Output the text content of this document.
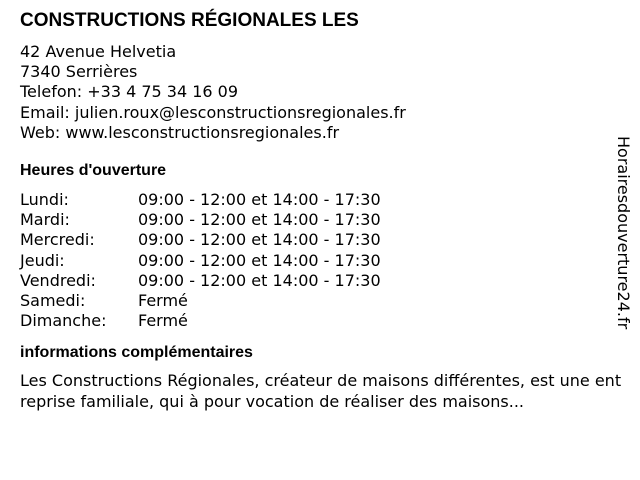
CONSTRUCTIONS RÉGIONALES LES
42 Avenue Helvetia
7340 Serrières
Telefon: +33 4 75 34 16 09
Email: julien.roux@lesconstructionsregionales.fr
Web: www.lesconstructionsregionales.fr
Heures d'ouverture
Lundi:	09:00 - 12:00 et 14:00 - 17:30
Mardi:	09:00 - 12:00 et 14:00 - 17:30
Mercredi:	09:00 - 12:00 et 14:00 - 17:30
Jeudi:	09:00 - 12:00 et 14:00 - 17:30
Vendredi:	09:00 - 12:00 et 14:00 - 17:30
Samedi:	Fermé
Dimanche:	Fermé
informations complémentaires
Les Constructions Régionales, créateur de maisons différentes, est une entreprise familiale, qui à pour vocation de réaliser des maisons...
Horairesdouverture24.fr
